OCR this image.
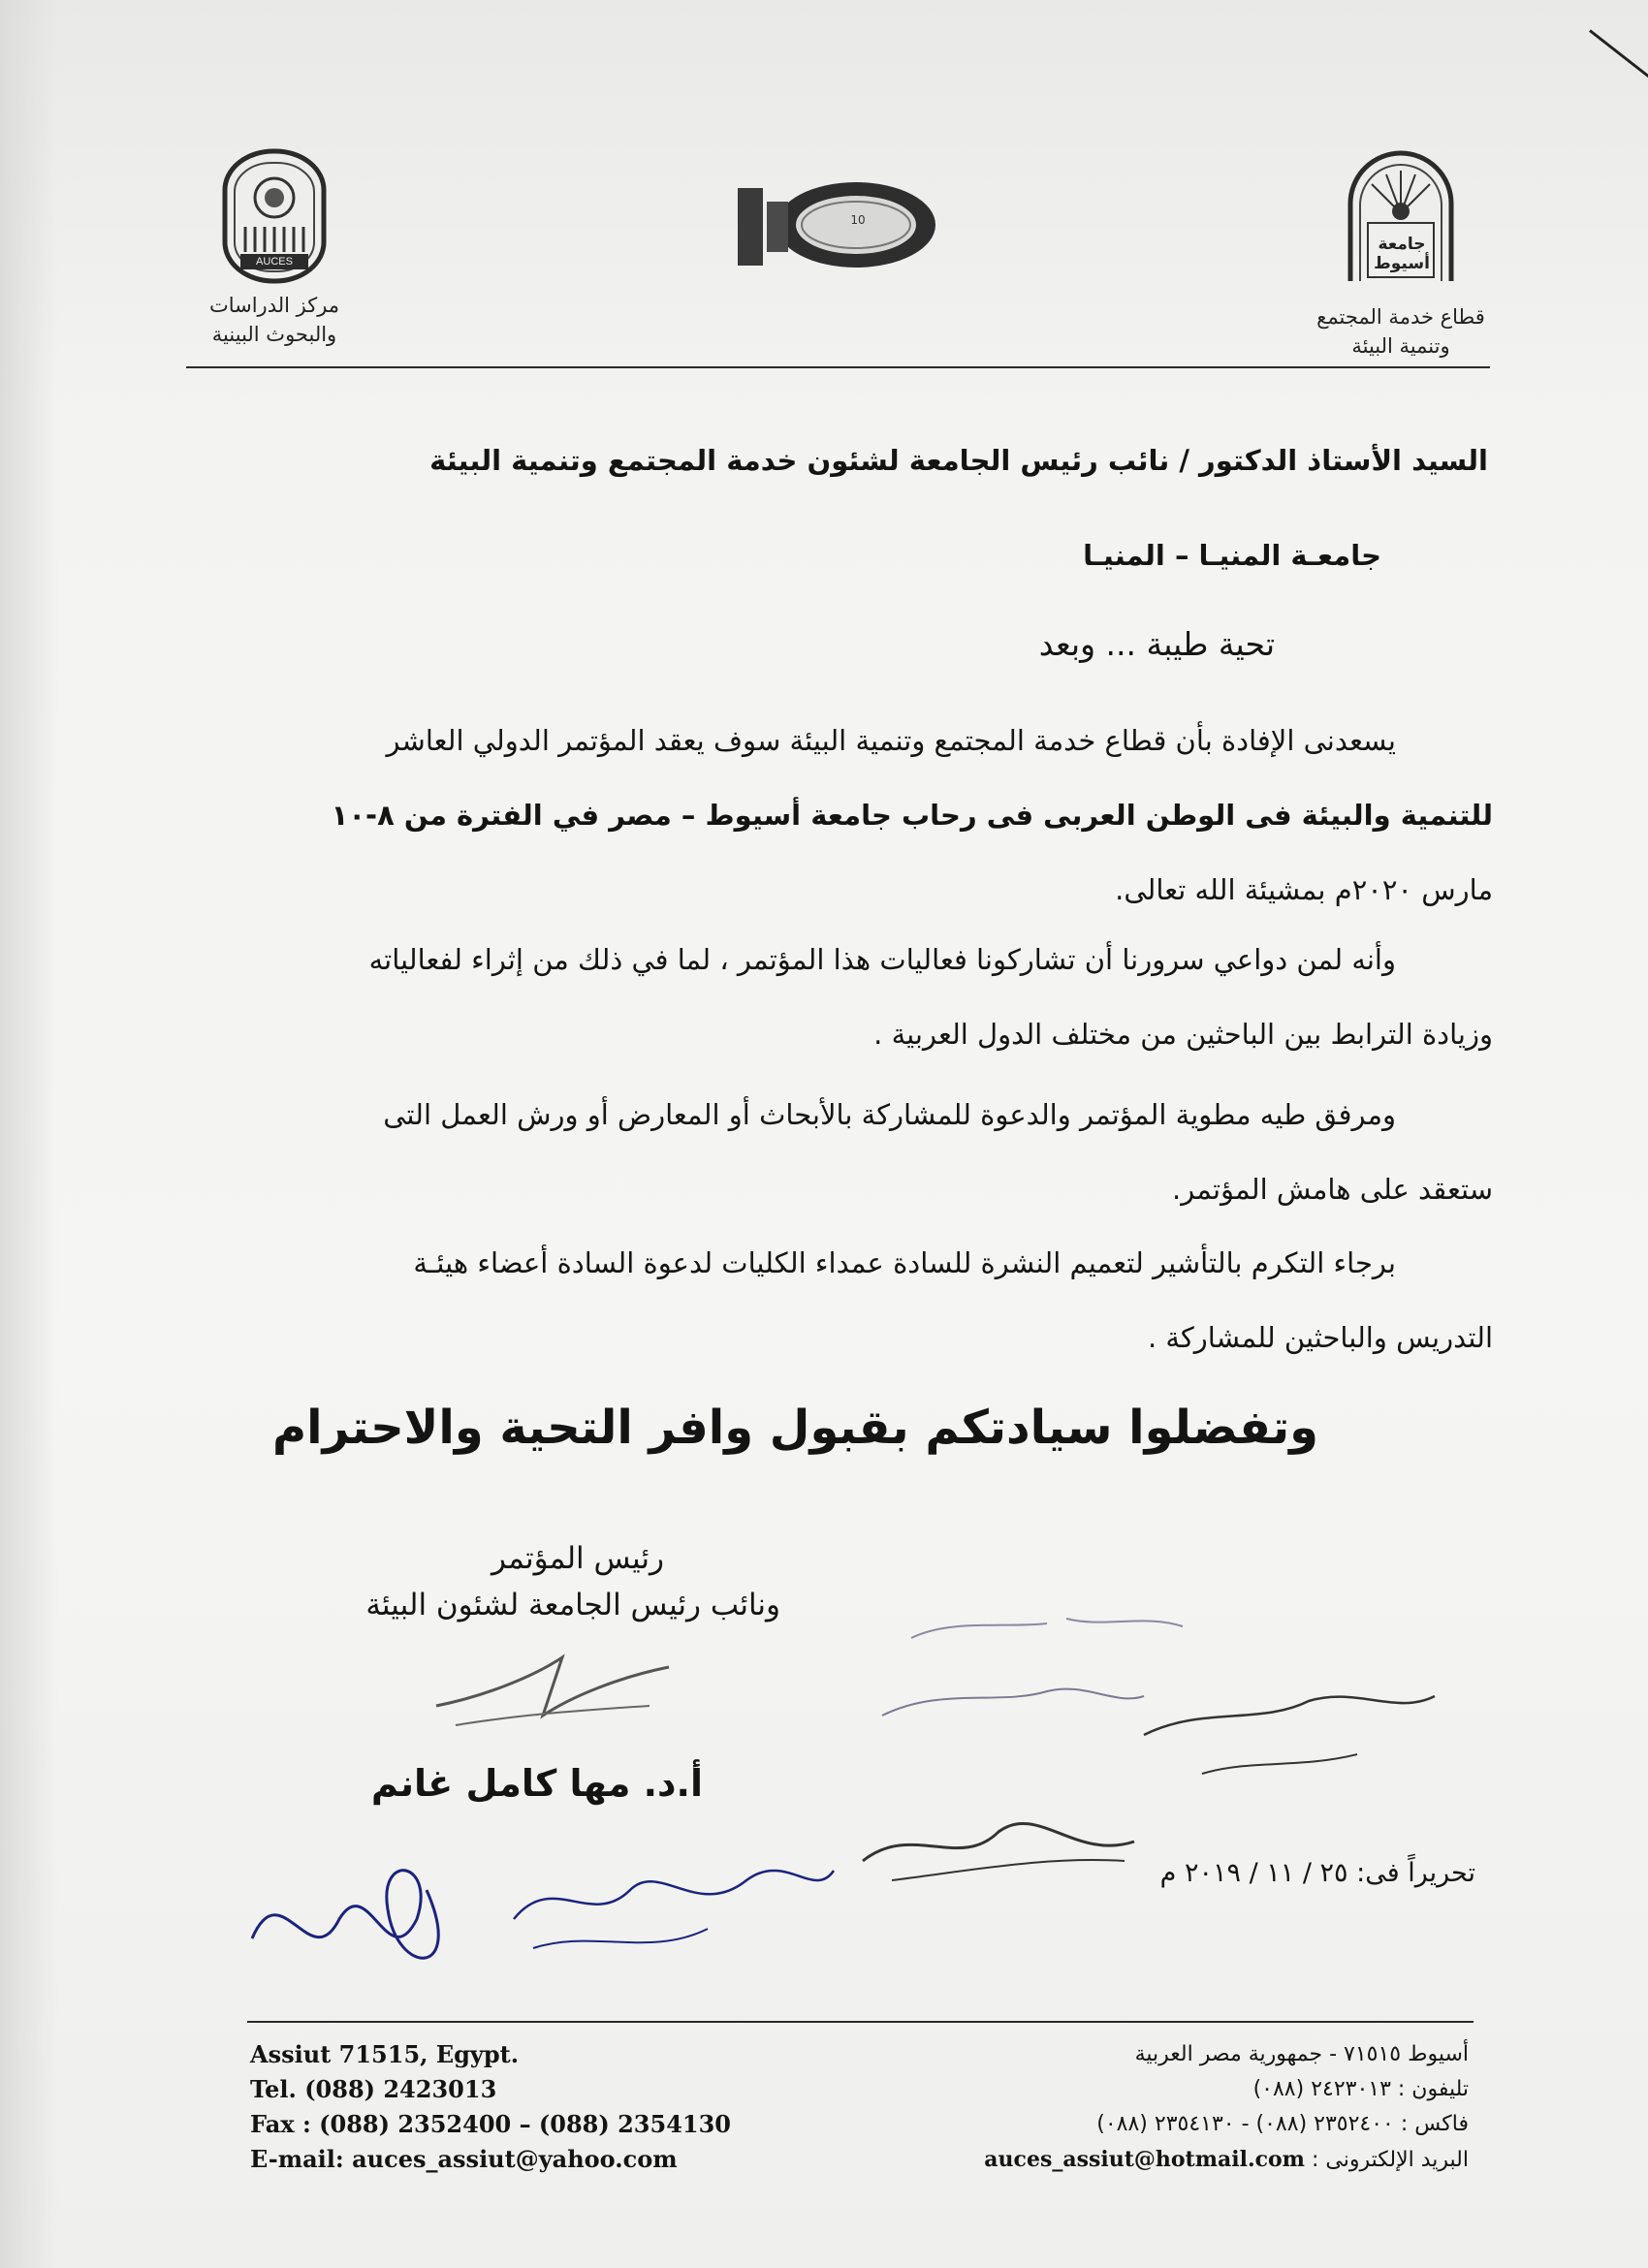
AUCES
مركز الدراسات
والبحوث البينية
10
جامعة أسيوط
قطاع خدمة المجتمع
وتنمية البيئة
السيد الأستاذ الدكتور / نائب رئيس الجامعة لشئون خدمة المجتمع وتنمية البيئة
جامعـة المنيـا – المنيـا
تحية طيبة ... وبعد
يسعدنى الإفادة بأن قطاع خدمة المجتمع وتنمية البيئة سوف يعقد المؤتمر الدولي العاشر
للتنمية والبيئة فى الوطن العربى فى رحاب جامعة أسيوط – مصر في الفترة من ٨-١٠
مارس ٢٠٢٠م بمشيئة الله تعالى.
وأنه لمن دواعي سرورنا أن تشاركونا فعاليات هذا المؤتمر ، لما في ذلك من إثراء لفعالياته
وزيادة الترابط بين الباحثين من مختلف الدول العربية .
ومرفق طيه مطوية المؤتمر والدعوة للمشاركة بالأبحاث أو المعارض أو ورش العمل التى
ستعقد على هامش المؤتمر.
برجاء التكرم بالتأشير لتعميم النشرة للسادة عمداء الكليات لدعوة السادة أعضاء هيئـة
التدريس والباحثين للمشاركة .
وتفضلوا سيادتكم بقبول وافر التحية والاحترام
رئيس المؤتمر
ونائب رئيس الجامعة لشئون البيئة
أ.د. مها كامل غانم
تحريراً فى: ٢٥ / ١١ / ٢٠١٩ م
Assiut 71515, Egypt.
Tel. (088) 2423013
Fax : (088) 2352400 – (088) 2354130
E-mail: auces_assiut@yahoo.com
أسيوط ٧١٥١٥ - جمهورية مصر العربية
تليفون : ٢٤٢٣٠١٣ (٠٨٨)
فاكس : ٢٣٥٢٤٠٠ (٠٨٨) - ٢٣٥٤١٣٠ (٠٨٨)
البريد الإلكترونى : auces_assiut@hotmail.com
